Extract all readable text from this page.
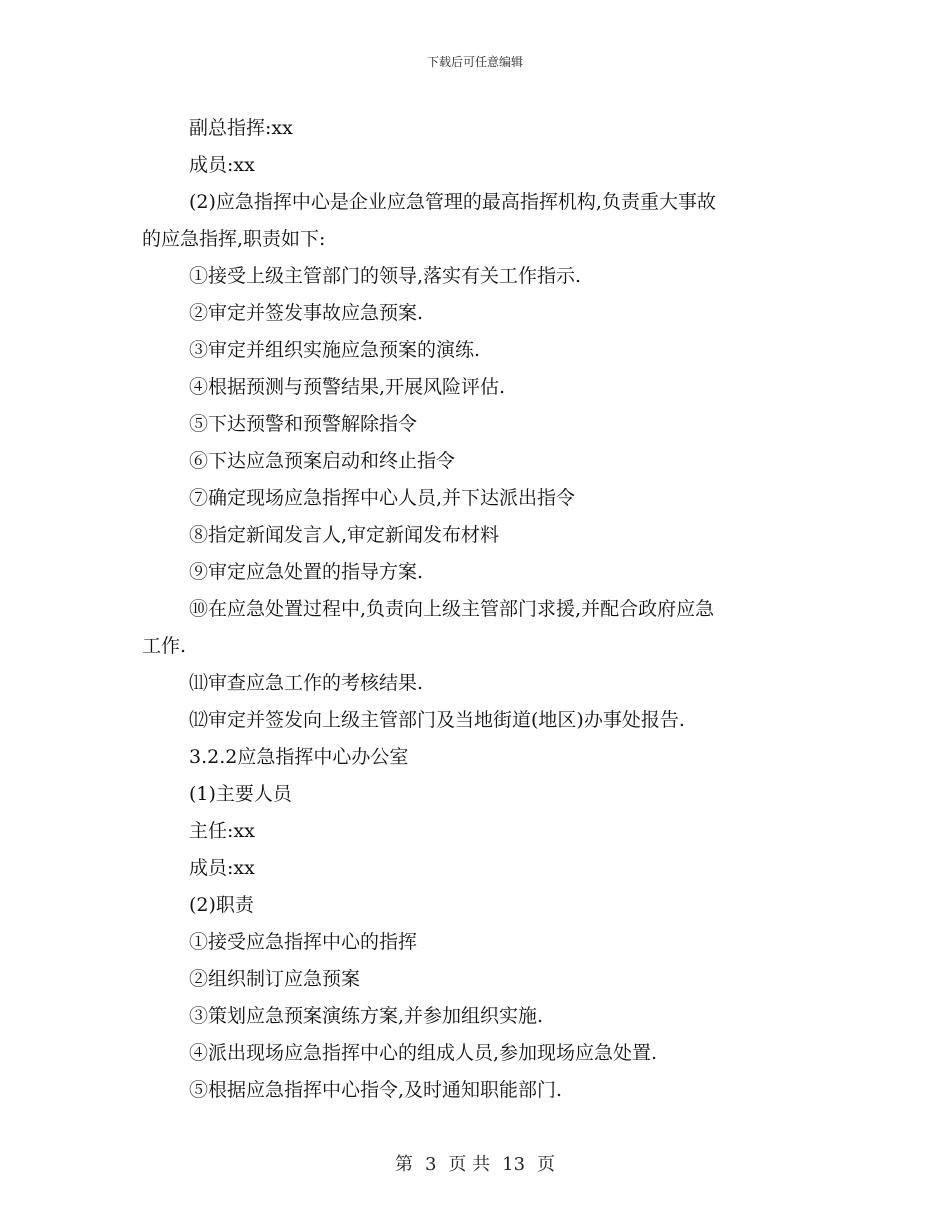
下载后可任意编辑
副总指挥:xx
成员:xx
(2)应急指挥中心是企业应急管理的最高指挥机构,负责重大事故
的应急指挥,职责如下:
①接受上级主管部门的领导,落实有关工作指示.
②审定并签发事故应急预案.
③审定并组织实施应急预案的演练.
④根据预测与预警结果,开展风险评估.
⑤下达预警和预警解除指令
⑥下达应急预案启动和终止指令
⑦确定现场应急指挥中心人员,并下达派出指令
⑧指定新闻发言人,审定新闻发布材料
⑨审定应急处置的指导方案.
⑩在应急处置过程中,负责向上级主管部门求援,并配合政府应急
工作.
⑾审查应急工作的考核结果.
⑿审定并签发向上级主管部门及当地街道(地区)办事处报告.
3.2.2应急指挥中心办公室
(1)主要人员
主任:xx
成员:xx
(2)职责
①接受应急指挥中心的指挥
②组织制订应急预案
③策划应急预案演练方案,并参加组织实施.
④派出现场应急指挥中心的组成人员,参加现场应急处置.
⑤根据应急指挥中心指令,及时通知职能部门.
第 3 页 共 13 页
